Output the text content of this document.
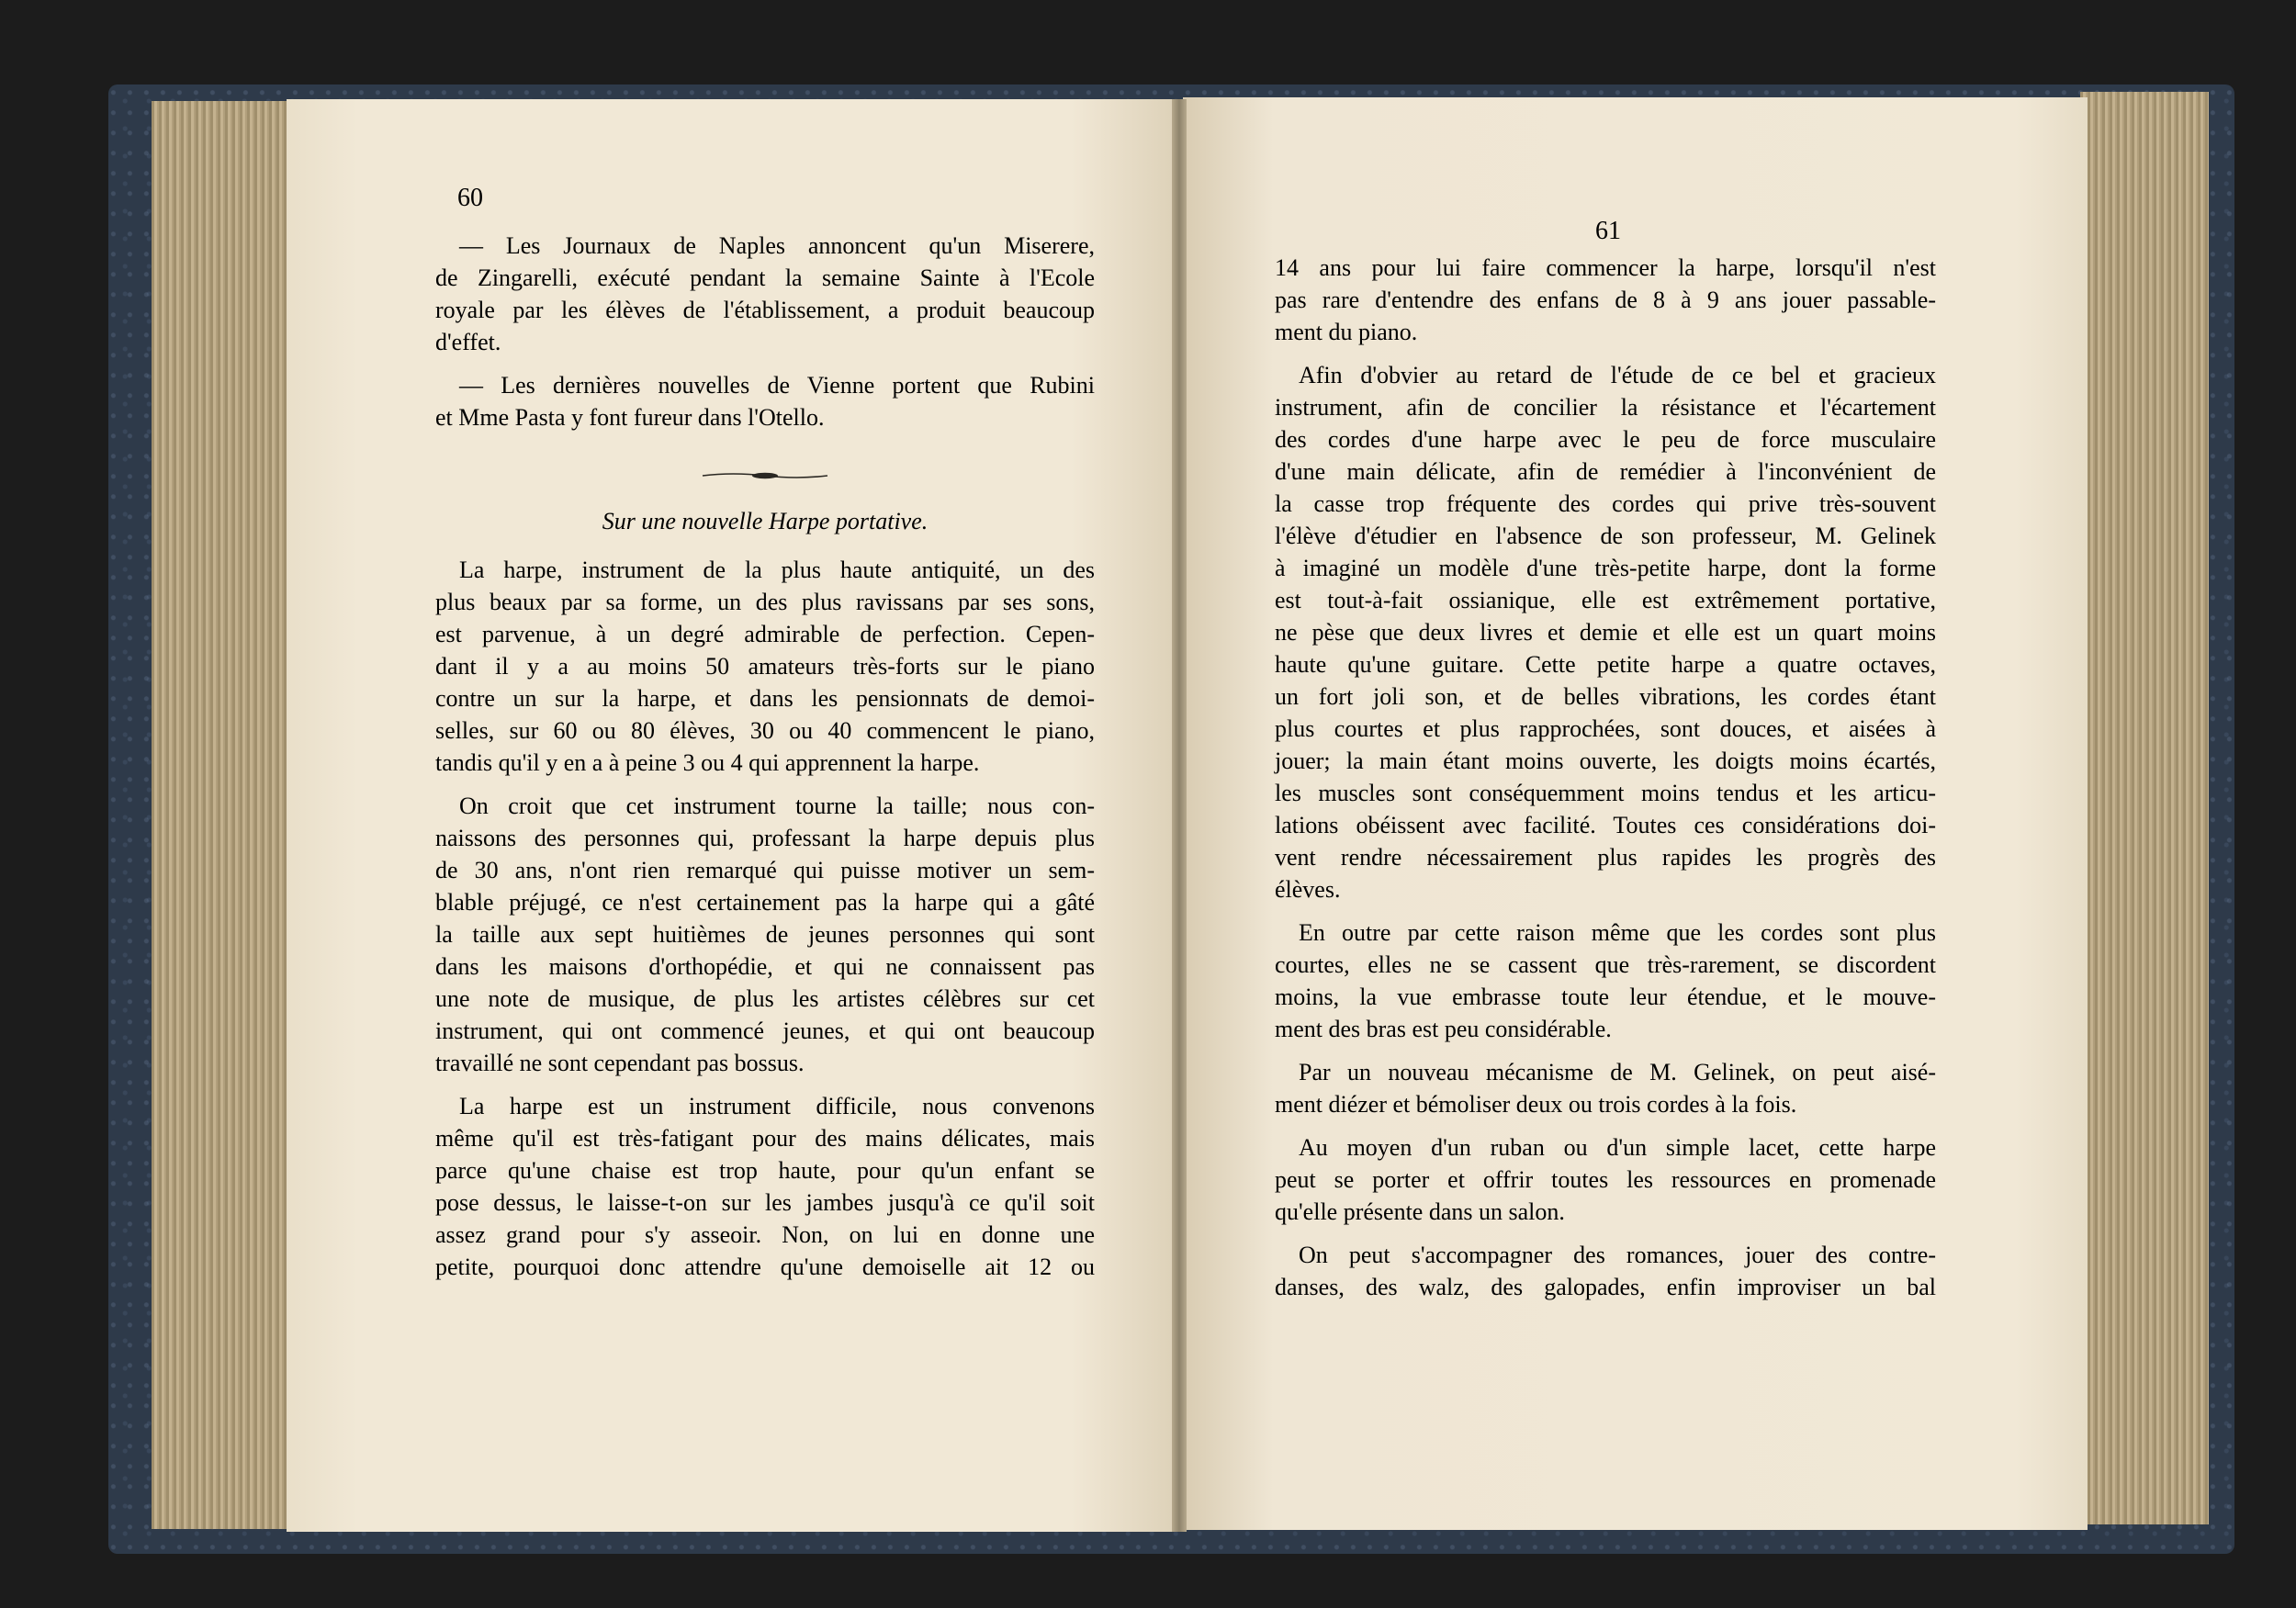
60
61

— Les Journaux de Naples annoncent qu'un Miserere,
de Zingarelli, exécuté pendant la semaine Sainte à l'Ecole
royale par les élèves de l'établissement, a produit beaucoup
d'effet.

— Les dernières nouvelles de Vienne portent que Rubini
et Mme Pasta y font fureur dans l'Otello.

Sur une nouvelle Harpe portative.

La harpe, instrument de la plus haute antiquité, un des
plus beaux par sa forme, un des plus ravissans par ses sons,
est parvenue, à un degré admirable de perfection. Cepen-
dant il y a au moins 50 amateurs très-forts sur le piano
contre un sur la harpe, et dans les pensionnats de demoi-
selles, sur 60 ou 80 élèves, 30 ou 40 commencent le piano,
tandis qu'il y en a à peine 3 ou 4 qui apprennent la harpe.

On croit que cet instrument tourne la taille; nous con-
naissons des personnes qui, professant la harpe depuis plus
de 30 ans, n'ont rien remarqué qui puisse motiver un sem-
blable préjugé, ce n'est certainement pas la harpe qui a gâté
la taille aux sept huitièmes de jeunes personnes qui sont
dans les maisons d'orthopédie, et qui ne connaissent pas
une note de musique, de plus les artistes célèbres sur cet
instrument, qui ont commencé jeunes, et qui ont beaucoup
travaillé ne sont cependant pas bossus.

La harpe est un instrument difficile, nous convenons
même qu'il est très-fatigant pour des mains délicates, mais
parce qu'une chaise est trop haute, pour qu'un enfant se
pose dessus, le laisse-t-on sur les jambes jusqu'à ce qu'il soit
assez grand pour s'y asseoir. Non, on lui en donne une
petite, pourquoi donc attendre qu'une demoiselle ait 12 ou

14 ans pour lui faire commencer la harpe, lorsqu'il n'est
pas rare d'entendre des enfans de 8 à 9 ans jouer passable-
ment du piano.

Afin d'obvier au retard de l'étude de ce bel et gracieux
instrument, afin de concilier la résistance et l'écartement
des cordes d'une harpe avec le peu de force musculaire
d'une main délicate, afin de remédier à l'inconvénient de
la casse trop fréquente des cordes qui prive très-souvent
l'élève d'étudier en l'absence de son professeur, M. Gelinek
à imaginé un modèle d'une très-petite harpe, dont la forme
est tout-à-fait ossianique, elle est extrêmement portative,
ne pèse que deux livres et demie et elle est un quart moins
haute qu'une guitare. Cette petite harpe a quatre octaves,
un fort joli son, et de belles vibrations, les cordes étant
plus courtes et plus rapprochées, sont douces, et aisées à
jouer; la main étant moins ouverte, les doigts moins écartés,
les muscles sont conséquemment moins tendus et les articu-
lations obéissent avec facilité. Toutes ces considérations doi-
vent rendre nécessairement plus rapides les progrès des
élèves.

En outre par cette raison même que les cordes sont plus
courtes, elles ne se cassent que très-rarement, se discordent
moins, la vue embrasse toute leur étendue, et le mouve-
ment des bras est peu considérable.

Par un nouveau mécanisme de M. Gelinek, on peut aisé-
ment diézer et bémoliser deux ou trois cordes à la fois.

Au moyen d'un ruban ou d'un simple lacet, cette harpe
peut se porter et offrir toutes les ressources en promenade
qu'elle présente dans un salon.

On peut s'accompagner des romances, jouer des contre-
danses, des walz, des galopades, enfin improviser un bal
